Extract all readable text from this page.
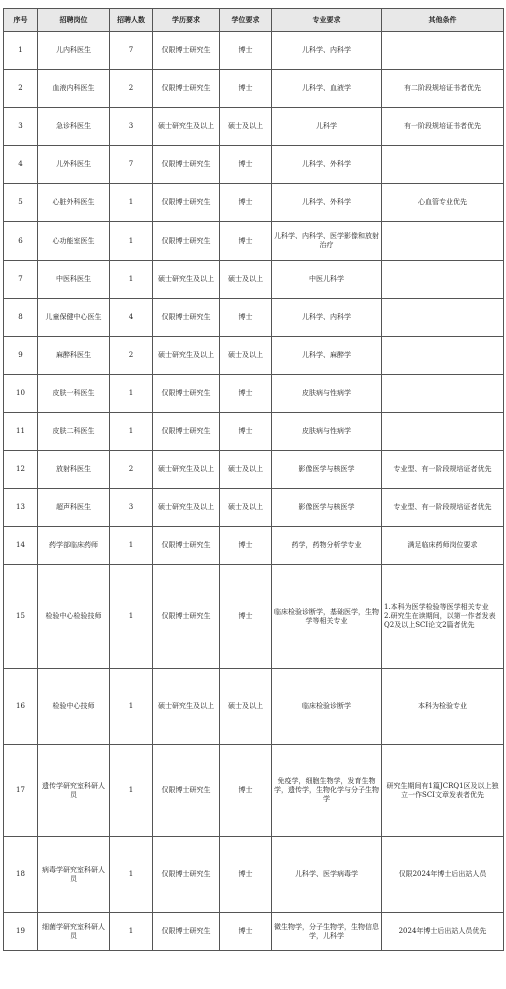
序号	招聘岗位	招聘人数	学历要求	学位要求	专业要求	其他条件
1	儿内科医生	7	仅限博士研究生	博士	儿科学、内科学	
2	血液内科医生	2	仅限博士研究生	博士	儿科学、血液学	有二阶段规培证书者优先
3	急诊科医生	3	硕士研究生及以上	硕士及以上	儿科学	有一阶段规培证书者优先
4	儿外科医生	7	仅限博士研究生	博士	儿科学、外科学	
5	心脏外科医生	1	仅限博士研究生	博士	儿科学、外科学	心血管专业优先
6	心功能室医生	1	仅限博士研究生	博士	儿科学、内科学、医学影像和放射治疗	
7	中医科医生	1	硕士研究生及以上	硕士及以上	中医儿科学	
8	儿童保健中心医生	4	仅限博士研究生	博士	儿科学、内科学	
9	麻醉科医生	2	硕士研究生及以上	硕士及以上	儿科学、麻醉学	
10	皮肤一科医生	1	仅限博士研究生	博士	皮肤病与性病学	
11	皮肤二科医生	1	仅限博士研究生	博士	皮肤病与性病学	
12	放射科医生	2	硕士研究生及以上	硕士及以上	影像医学与核医学	专业型、有一阶段规培证者优先
13	超声科医生	3	硕士研究生及以上	硕士及以上	影像医学与核医学	专业型、有一阶段规培证者优先
14	药学部临床药师	1	仅限博士研究生	博士	药学，药物分析学专业	满足临床药师岗位要求
15	检验中心检验技师	1	仅限博士研究生	博士	临床检验诊断学，基础医学，生物学等相关专业	1.本科为医学检验等医学相关专业
2.研究生在读期间，以第一作者发表Q2及以上SCI论文2篇者优先
16	检验中心技师	1	硕士研究生及以上	硕士及以上	临床检验诊断学	本科为检验专业
17	遗传学研究室科研人员	1	仅限博士研究生	博士	免疫学，细胞生物学，发育生物学，遗传学，生物化学与分子生物学	研究生期间有1篇JCRQ1区及以上独立一作SCI文章发表者优先
18	病毒学研究室科研人员	1	仅限博士研究生	博士	儿科学、医学病毒学	仅限2024年博士后出站人员
19	细菌学研究室科研人员	1	仅限博士研究生	博士	微生物学，分子生物学，生物信息学，儿科学	2024年博士后出站人员优先
